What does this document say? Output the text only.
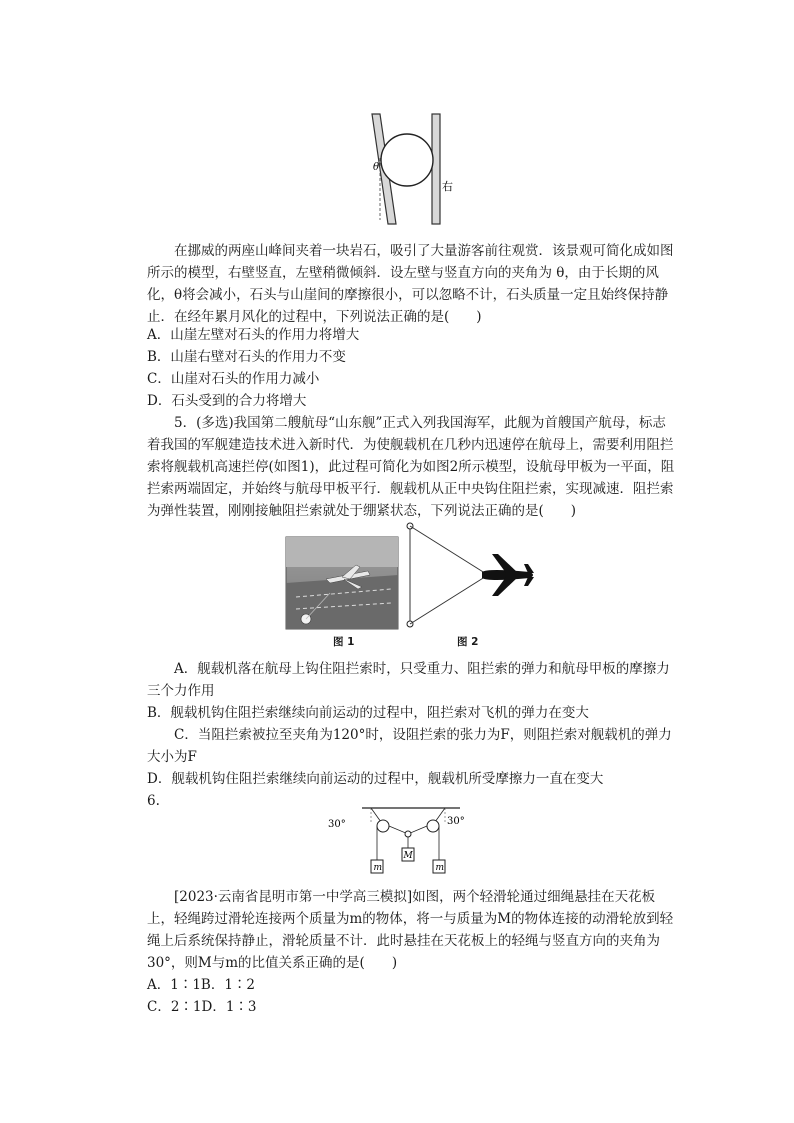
θ
右

在挪威的两座山峰间夹着一块岩石，吸引了大量游客前往观赏．该景观可简化成如图所示的模型，右壁竖直，左壁稍微倾斜．设左壁与竖直方向的夹角为 θ，由于长期的风化，θ将会减小，石头与山崖间的摩擦很小，可以忽略不计，石头质量一定且始终保持静止．在经年累月风化的过程中，下列说法正确的是(　　)

A．山崖左壁对石头的作用力将增大

B．山崖右壁对石头的作用力不变

C．山崖对石头的作用力减小

D．石头受到的合力将增大

5．(多选)我国第二艘航母“山东舰”正式入列我国海军，此舰为首艘国产航母，标志着我国的军舰建造技术进入新时代．为使舰载机在几秒内迅速停在航母上，需要利用阻拦索将舰载机高速拦停(如图1)，此过程可简化为如图2所示模型，设航母甲板为一平面，阻拦索两端固定，并始终与航母甲板平行．舰载机从正中央钩住阻拦索，实现减速．阻拦索为弹性装置，刚刚接触阻拦索就处于绷紧状态，下列说法正确的是(　　)

图 1	图 2

A．舰载机落在航母上钩住阻拦索时，只受重力、阻拦索的弹力和航母甲板的摩擦力三个力作用

B．舰载机钩住阻拦索继续向前运动的过程中，阻拦索对飞机的弹力在变大

C．当阻拦索被拉至夹角为120°时，设阻拦索的张力为F，则阻拦索对舰载机的弹力大小为F

D．舰载机钩住阻拦索继续向前运动的过程中，舰载机所受摩擦力一直在变大

6.

30°	30°
m	m
M

[2023·云南省昆明市第一中学高三模拟]如图，两个轻滑轮通过细绳悬挂在天花板上，轻绳跨过滑轮连接两个质量为m的物体，将一与质量为M的物体连接的动滑轮放到轻绳上后系统保持静止，滑轮质量不计．此时悬挂在天花板上的轻绳与竖直方向的夹角为30°，则M与m的比值关系正确的是(　　)

A．1∶1B．1∶2

C．2∶1D．1∶3
